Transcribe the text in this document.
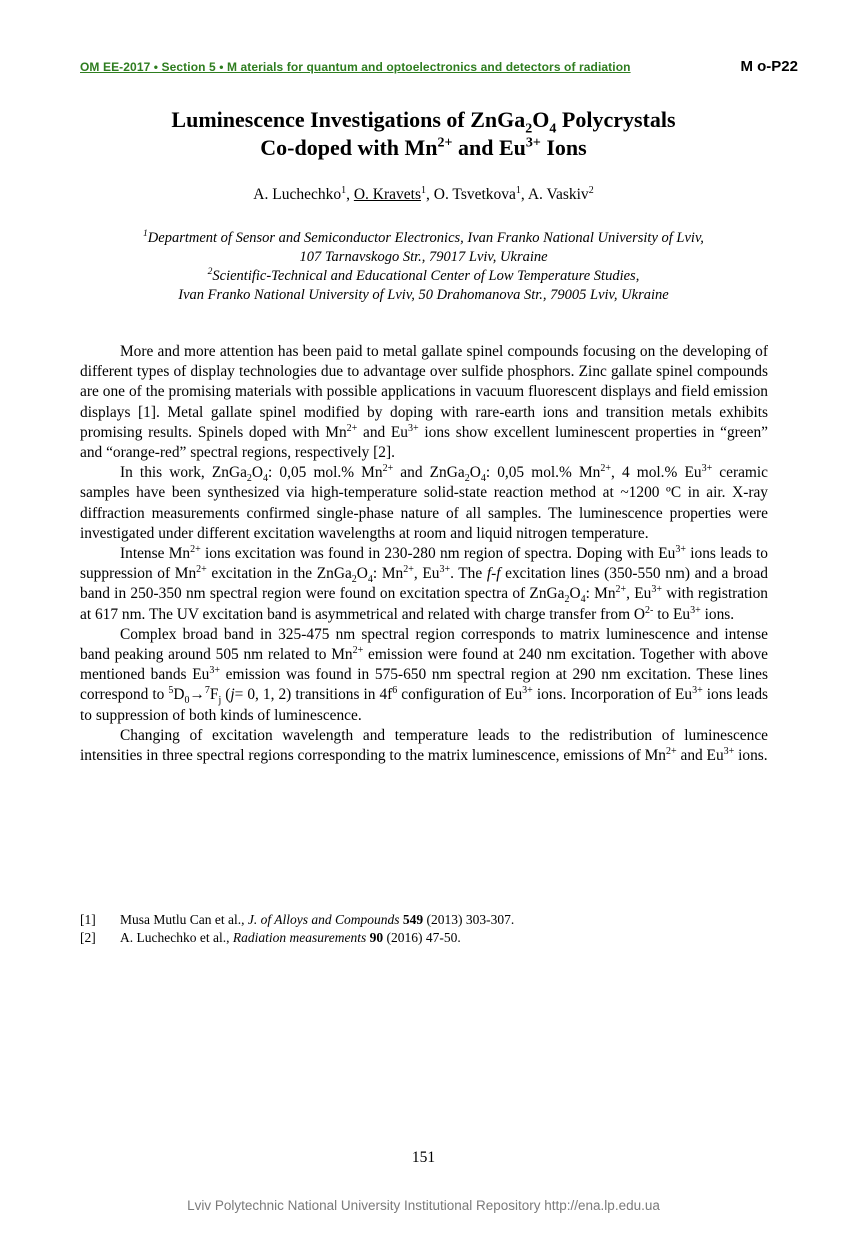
OM EE-2017 • Section 5 • M aterials for quantum and optoelectronics and detectors of radiation	M o-P22
Luminescence Investigations of $ZnGa_2O_4$ Polycrystals
Co-doped with $Mn^{2+}$ and $Eu^{3+}$ Ions
A. Luchechko$^1$, O. Kravets$^1$, O. Tsvetkova$^1$, A. Vaskiv$^2$
$^1$Department of Sensor and Semiconductor Electronics, Ivan Franko National University of Lviv,
107 Tarnavskogo Str., 79017 Lviv, Ukraine
$^2$Scientific-Technical and Educational Center of Low Temperature Studies,
Ivan Franko National University of Lviv, 50 Drahomanova Str., 79005 Lviv, Ukraine

More and more attention has been paid to metal gallate spinel compounds focusing on the developing of different types of display technologies due to advantage over sulfide phosphors. Zinc gallate spinel compounds are one of the promising materials with possible applications in vacuum fluorescent displays and field emission displays [1]. Metal gallate spinel modified by doping with rare-earth ions and transition metals exhibits promising results. Spinels doped with $Mn^{2+}$ and $Eu^{3+}$ ions show excellent luminescent properties in “green” and “orange-red” spectral regions, respectively [2].

In this work, $ZnGa_2O_4$: 0,05 mol.% $Mn^{2+}$ and $ZnGa_2O_4$: 0,05 mol.% $Mn^{2+}$, 4 mol.% $Eu^{3+}$ ceramic samples have been synthesized via high-temperature solid-state reaction method at ~1200 ºC in air. X-ray diffraction measurements confirmed single-phase nature of all samples. The luminescence properties were investigated under different excitation wavelengths at room and liquid nitrogen temperature.

Intense $Mn^{2+}$ ions excitation was found in 230-280 nm region of spectra. Doping with $Eu^{3+}$ ions leads to suppression of $Mn^{2+}$ excitation in the $ZnGa_2O_4$: $Mn^{2+}$, $Eu^{3+}$. The f-f excitation lines (350-550 nm) and a broad band in 250-350 nm spectral region were found on excitation spectra of $ZnGa_2O_4$: $Mn^{2+}$, $Eu^{3+}$ with registration at 617 nm. The UV excitation band is asymmetrical and related with charge transfer from $O^{2-}$ to $Eu^{3+}$ ions.

Complex broad band in 325-475 nm spectral region corresponds to matrix luminescence and intense band peaking around 505 nm related to $Mn^{2+}$ emission were found at 240 nm excitation. Together with above mentioned bands $Eu^{3+}$ emission was found in 575-650 nm spectral region at 290 nm excitation. These lines correspond to $^5D_0\to^7F_j$ (j= 0, 1, 2) transitions in $4f^6$ configuration of $Eu^{3+}$ ions. Incorporation of $Eu^{3+}$ ions leads to suppression of both kinds of luminescence.

Changing of excitation wavelength and temperature leads to the redistribution of luminescence intensities in three spectral regions corresponding to the matrix luminescence, emissions of $Mn^{2+}$ and $Eu^{3+}$ ions.

[1] Musa Mutlu Can et al., J. of Alloys and Compounds 549 (2013) 303-307.
[2] A. Luchechko et al., Radiation measurements 90 (2016) 47-50.
151
Lviv Polytechnic National University Institutional Repository http://ena.lp.edu.ua
